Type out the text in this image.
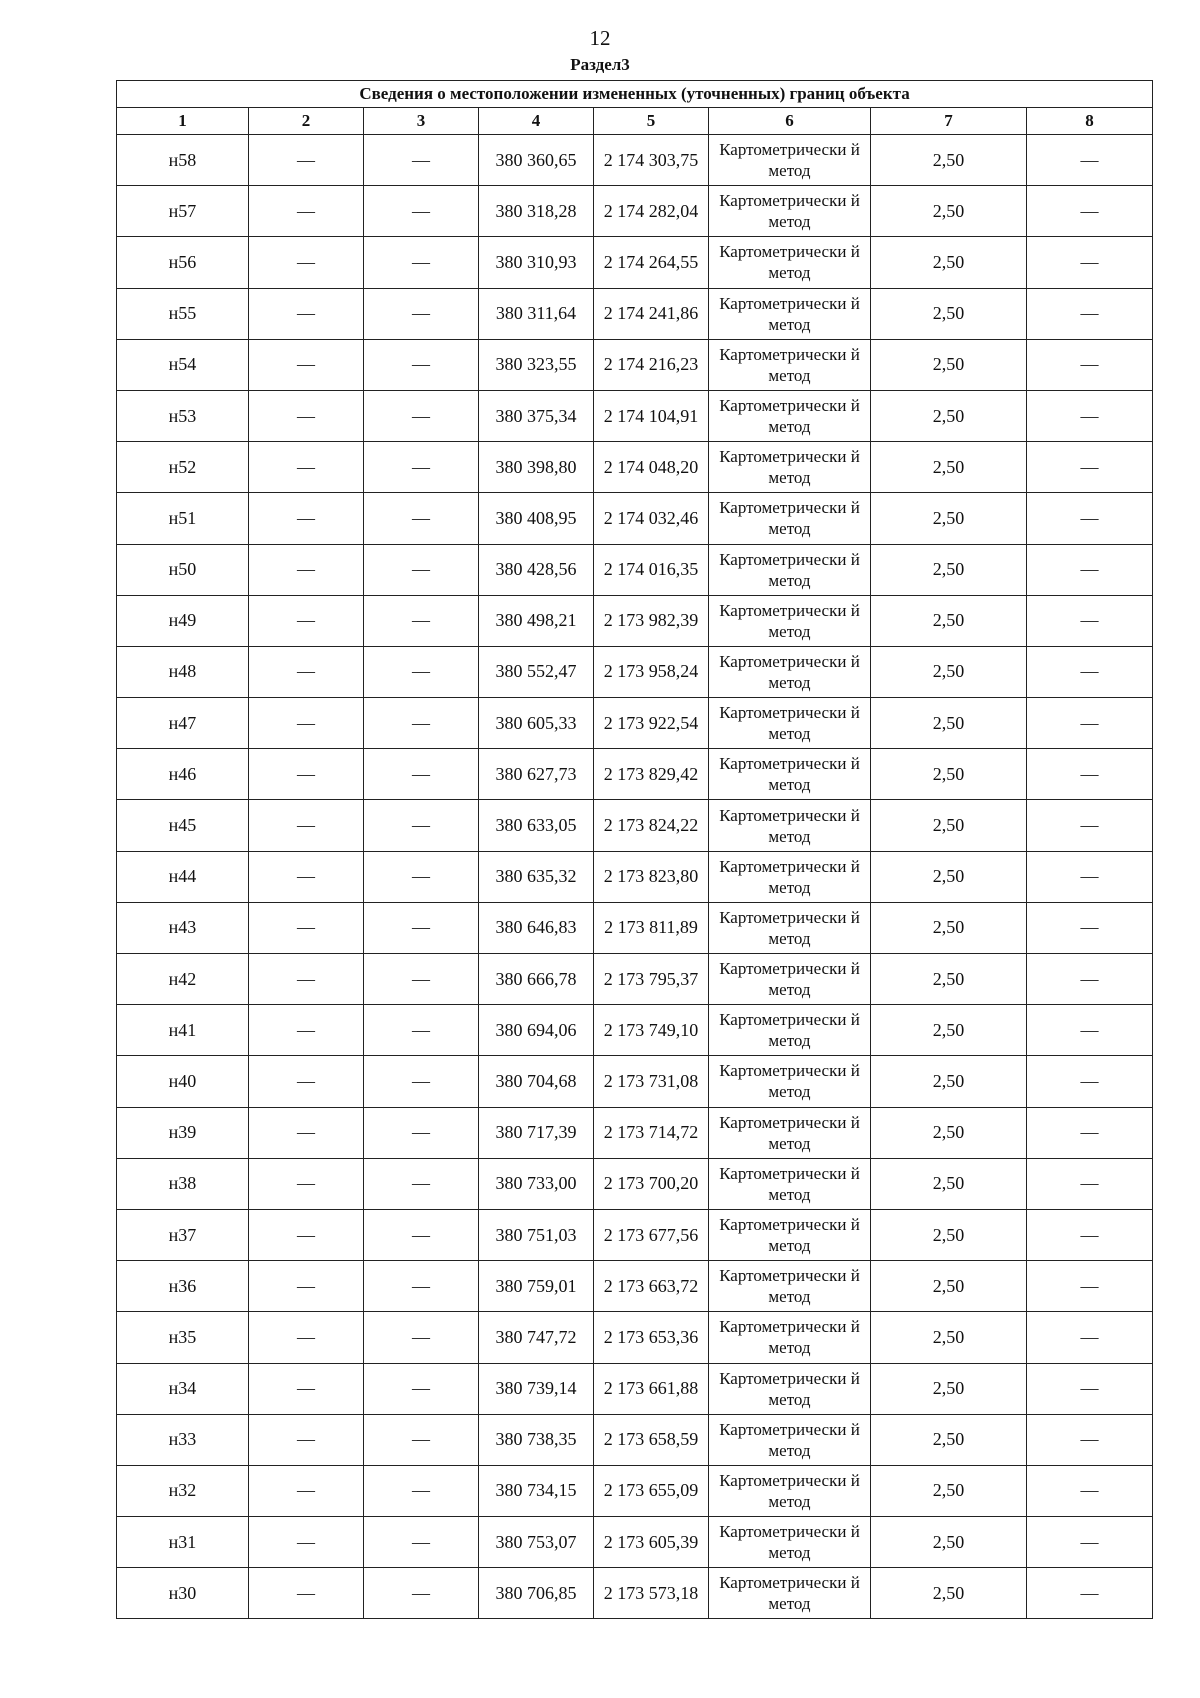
12
Раздел3
Сведения о местоположении измененных (уточненных) границ объекта							
1	2	3	4	5	6	7	8
н58	—	—	380 360,65	2 174 303,75	Картометрически й метод	2,50	—
н57	—	—	380 318,28	2 174 282,04	Картометрически й метод	2,50	—
н56	—	—	380 310,93	2 174 264,55	Картометрически й метод	2,50	—
н55	—	—	380 311,64	2 174 241,86	Картометрически й метод	2,50	—
н54	—	—	380 323,55	2 174 216,23	Картометрически й метод	2,50	—
н53	—	—	380 375,34	2 174 104,91	Картометрически й метод	2,50	—
н52	—	—	380 398,80	2 174 048,20	Картометрически й метод	2,50	—
н51	—	—	380 408,95	2 174 032,46	Картометрически й метод	2,50	—
н50	—	—	380 428,56	2 174 016,35	Картометрически й метод	2,50	—
н49	—	—	380 498,21	2 173 982,39	Картометрически й метод	2,50	—
н48	—	—	380 552,47	2 173 958,24	Картометрически й метод	2,50	—
н47	—	—	380 605,33	2 173 922,54	Картометрически й метод	2,50	—
н46	—	—	380 627,73	2 173 829,42	Картометрически й метод	2,50	—
н45	—	—	380 633,05	2 173 824,22	Картометрически й метод	2,50	—
н44	—	—	380 635,32	2 173 823,80	Картометрически й метод	2,50	—
н43	—	—	380 646,83	2 173 811,89	Картометрически й метод	2,50	—
н42	—	—	380 666,78	2 173 795,37	Картометрически й метод	2,50	—
н41	—	—	380 694,06	2 173 749,10	Картометрически й метод	2,50	—
н40	—	—	380 704,68	2 173 731,08	Картометрически й метод	2,50	—
н39	—	—	380 717,39	2 173 714,72	Картометрически й метод	2,50	—
н38	—	—	380 733,00	2 173 700,20	Картометрически й метод	2,50	—
н37	—	—	380 751,03	2 173 677,56	Картометрически й метод	2,50	—
н36	—	—	380 759,01	2 173 663,72	Картометрически й метод	2,50	—
н35	—	—	380 747,72	2 173 653,36	Картометрически й метод	2,50	—
н34	—	—	380 739,14	2 173 661,88	Картометрически й метод	2,50	—
н33	—	—	380 738,35	2 173 658,59	Картометрически й метод	2,50	—
н32	—	—	380 734,15	2 173 655,09	Картометрически й метод	2,50	—
н31	—	—	380 753,07	2 173 605,39	Картометрически й метод	2,50	—
н30	—	—	380 706,85	2 173 573,18	Картометрически й метод	2,50	—
